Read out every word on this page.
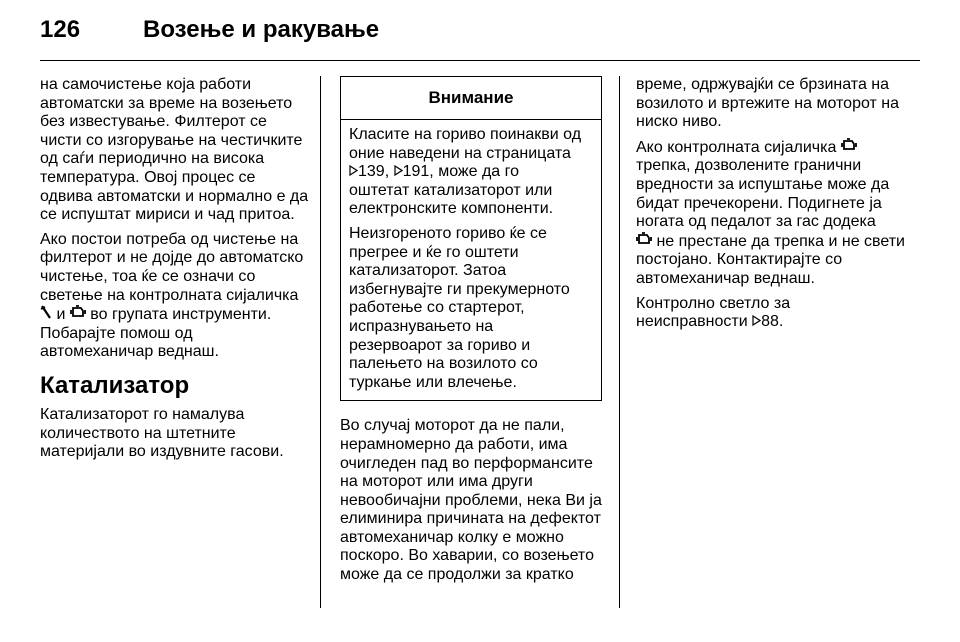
126	Возење и ракување
на самочистење која работи
автоматски за време на возењето
без известување. Филтерот се
чисти со изгорување на честичките
од саѓи периодично на висока
температура. Овој процес се
одвива автоматски и нормално е да
се испуштат мириси и чад притоа.
Ако постои потреба од чистење на
филтерот и не дојде до автоматско
чистење, тоа ќе се означи со
светење на контролната сијаличка
и  во групата инструменти.
Побарајте помош од
автомеханичар веднаш.
Катализатор
Катализаторот го намалува
количеството на штетните
материјали во издувните гасови.
Внимание
Класите на гориво поинакви од
оние наведени на страницата
139, 191, може да го
оштетат катализаторот или
електронските компоненти.
Неизгореното гориво ќе се
прегрее и ќе го оштети
катализаторот. Затоа
избегнувајте ги прекумерното
работење со стартерот,
испразнувањето на
резервоарот за гориво и
палењето на возилото со
туркање или влечење.
Во случај моторот да не пали,
нерамномерно да работи, има
очигледен пад во перформансите
на моторот или има други
невообичајни проблеми, нека Ви ја
елиминира причината на дефектот
автомеханичар колку е можно
поскоро. Во хаварии, со возењето
може да се продолжи за кратко
време, одржувајќи се брзината на
возилото и вртежите на моторот на
ниско ниво.
Ако контролната сијаличка
трепка, дозволените гранични
вредности за испуштање може да
бидат пречекорени. Подигнете ја
ногата од педалот за гас додека
не престане да трепка и не свети
постојано. Контактирајте со
автомеханичар веднаш.
Контролно светло за
неисправности 88.
